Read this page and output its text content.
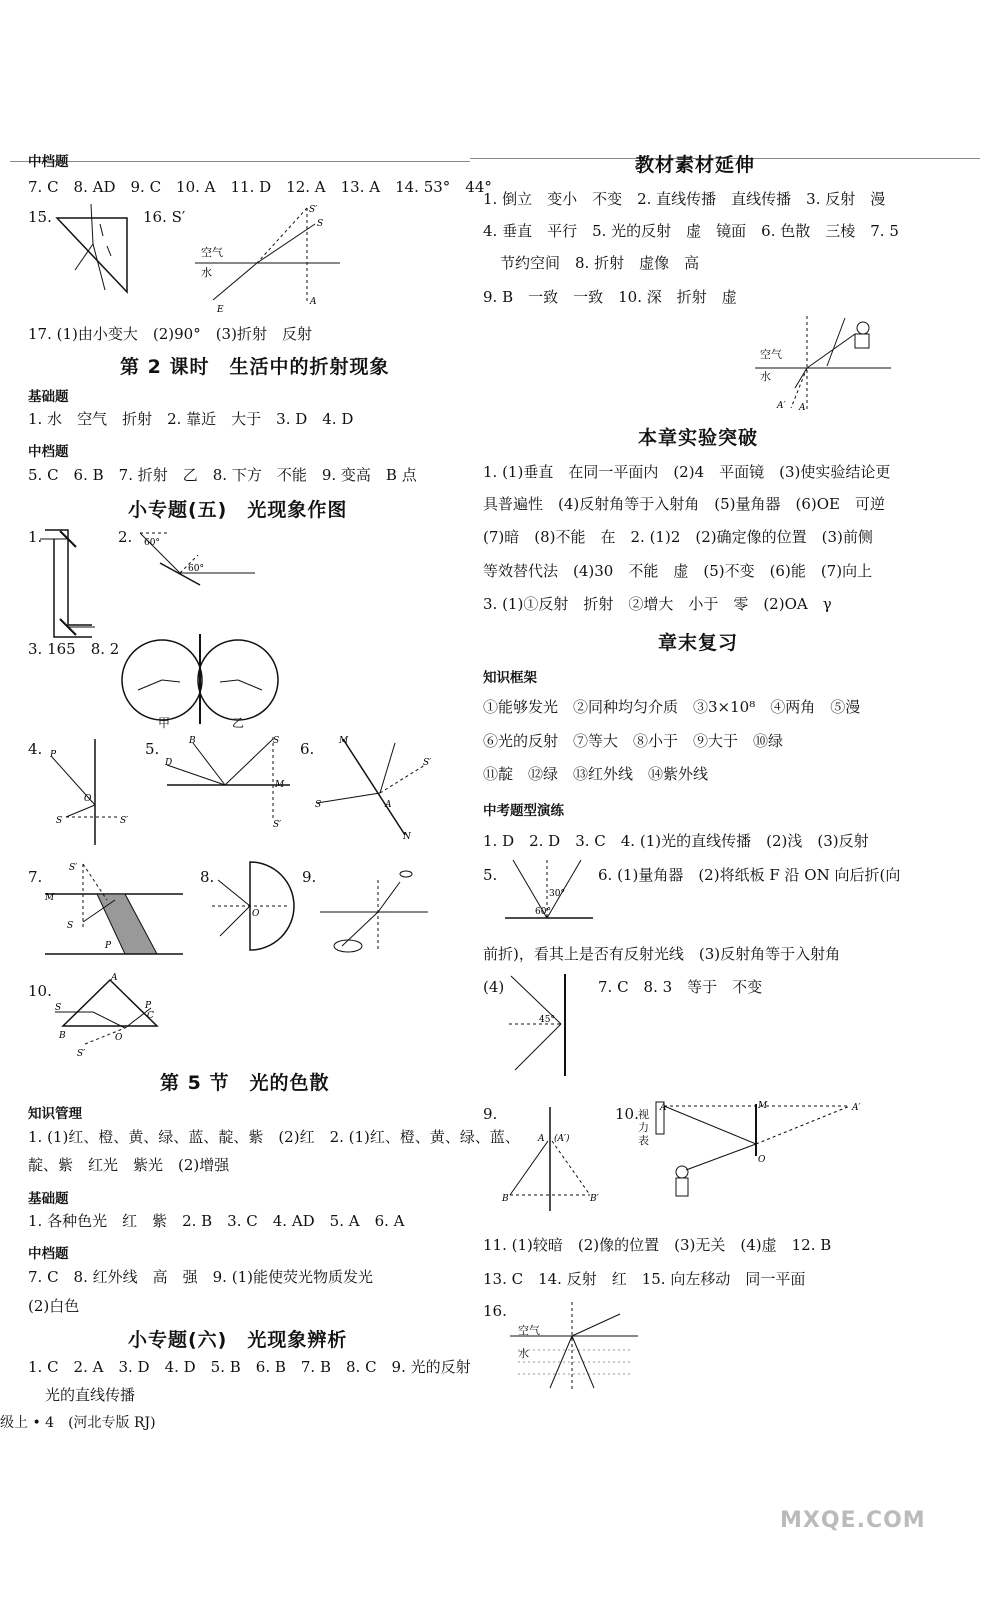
中档题
7. C　8. AD　9. C　10. A　11. D　12. A　13. A　14. 53°　44°
15.	16. S′
空气
水
S′
S
A
E
17. (1)由小变大　(2)90°　(3)折射　反射
第 2 课时　生活中的折射现象
基础题
1. 水　空气　折射　2. 靠近　大于　3. D　4. D
中档题
5. C　6. B　7. 折射　乙　8. 下方　不能　9. 变高　B 点
小专题(五)　光现象作图
1.	2. 60°
60°
3. 165　8. 2
甲	乙
4. P
O
S	S′
5.	B
D
S
M
S′
6.	M
S
S′
A
N
7.	S′
M
S
P
8.
O
9.
10.
A
S
B	O
C
P
S′
第 5 节　光的色散
知识管理
1. (1)红、橙、黄、绿、蓝、靛、紫　(2)红　2. (1)红、橙、黄、绿、蓝、
靛、紫　红光　紫光　(2)增强
基础题
1. 各种色光　红　紫　2. B　3. C　4. AD　5. A　6. A
中档题
7. C　8. 红外线　高　强　9. (1)能使荧光物质发光
(2)白色
小专题(六)　光现象辨析
1. C　2. A　3. D　4. D　5. B　6. B　7. B　8. C　9. 光的反射
光的直线传播
级上 • 4　(河北专版 RJ)
教材素材延伸
1. 倒立　变小　不变　2. 直线传播　直线传播　3. 反射　漫
4. 垂直　平行　5. 光的反射　虚　镜面　6. 色散　三棱　7. 5
节约空间　8. 折射　虚像　高
9. B　一致　一致　10. 深　折射　虚
A′ A
空气
水
本章实验突破
1. (1)垂直　在同一平面内　(2)4　平面镜　(3)使实验结论更
具普遍性　(4)反射角等于入射角　(5)量角器　(6)OE　可逆
(7)暗　(8)不能　在　2. (1)2　(2)确定像的位置　(3)前侧
等效替代法　(4)30　不能　虚　(5)不变　(6)能　(7)向上
3. (1)①反射　折射　②增大　小于　零　(2)OA　γ
章末复习
知识框架
①能够发光　②同种均匀介质　③3×10⁸　④两角　⑤漫
⑥光的反射　⑦等大　⑧小于　⑨大于　⑩绿
⑪靛　⑫绿　⑬红外线　⑭紫外线
中考题型演练
1. D　2. D　3. C　4. (1)光的直线传播　(2)浅　(3)反射
5.
60°
30°
6. (1)量角器　(2)将纸板 F 沿 ON 向后折(向
前折)，看其上是否有反射光线　(3)反射角等于入射角
(4)
45°
7. C　8. 3　等于　不变
9.
A (A′)
B	B′
10. A	M	A′
O
视力表
11. (1)较暗　(2)像的位置　(3)无关　(4)虚　12. B
13. C　14. 反射　红　15. 向左移动　同一平面
16.
空气
水
MXQE.COM
